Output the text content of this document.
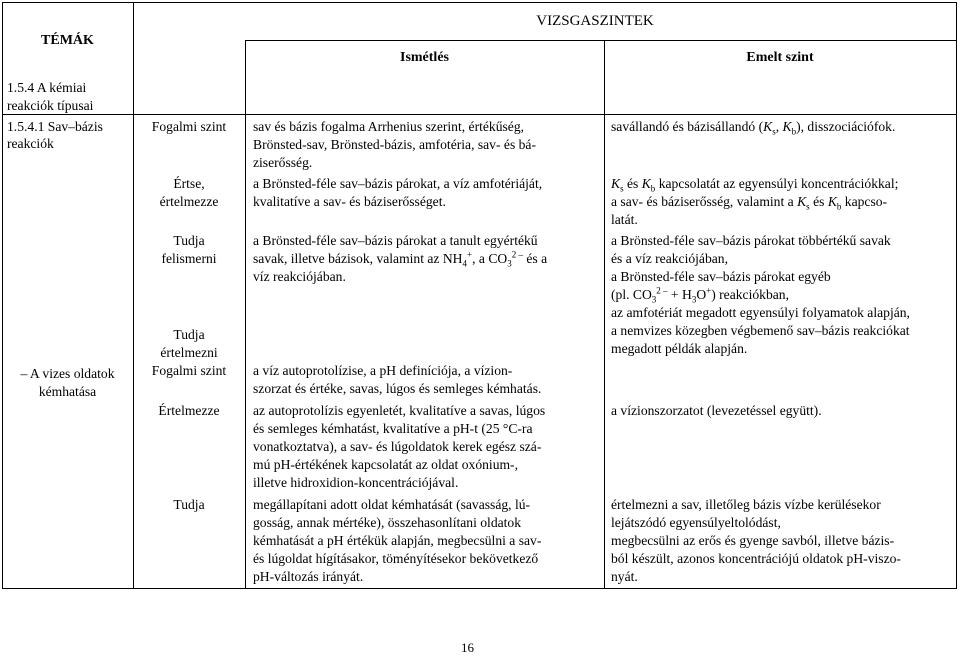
TÉMÁK
VIZSGASZINTEK
Ismétlés	Emelt szint
1.5.4 A kémiai
reakciók típusai
1.5.4.1 Sav–bázis
reakciók
– A vizes oldatok
kémhatása
Fogalmi szint
Értse,
értelmezze
Tudja
felismerni
Tudja
értelmezni
Fogalmi szint
Értelmezze
Tudja
sav és bázis fogalma Arrhenius szerint, értékűség,
Brönsted-sav, Brönsted-bázis, amfotéria, sav- és bá-
ziserősség.
a Brönsted-féle sav–bázis párokat, a víz amfotériáját,
kvalitatíve a sav- és báziserősséget.
a Brönsted-féle sav–bázis párokat a tanult egyértékű
savak, illetve bázisok, valamint az $NH_4^+$, a $CO_3^{2 -}$ és a
víz reakciójában.
a víz autoprotolízise, a pH definíciója, a vízion-
szorzat és értéke, savas, lúgos és semleges kémhatás.
az autoprotolízis egyenletét, kvalitatíve a savas, lúgos
és semleges kémhatást, kvalitatíve a pH-t (25 °C-ra
vonatkoztatva), a sav- és lúgoldatok kerek egész szá-
mú pH-értékének kapcsolatát az oldat oxónium-,
illetve hidroxidion-koncentrációjával.
megállapítani adott oldat kémhatását (savasság, lú-
gosság, annak mértéke), összehasonlítani oldatok
kémhatását a pH értékük alapján, megbecsülni a sav-
és lúgoldat hígításakor, töményítésekor bekövetkező
pH-változás irányát.
savállandó és bázisállandó ($K_s$, $K_b$), disszociációfok.
$K_s$ és $K_b$ kapcsolatát az egyensúlyi koncentrációkkal;
a sav- és báziserősség, valamint a $K_s$ és $K_b$ kapcso-
latát.
a Brönsted-féle sav–bázis párokat többértékű savak
és a víz reakciójában,
a Brönsted-féle sav–bázis párokat egyéb
(pl. $CO_3^{2 -} + H_3O^+$) reakciókban,
az amfotériát megadott egyensúlyi folyamatok alapján,
a nemvizes közegben végbemenő sav–bázis reakciókat
megadott példák alapján.
a vízionszorzatot (levezetéssel együtt).
értelmezni a sav, illetőleg bázis vízbe kerülésekor
lejátszódó egyensúlyeltolódást,
megbecsülni az erős és gyenge savból, illetve bázis-
ból készült, azonos koncentrációjú oldatok pH-viszo-
nyát.
16
